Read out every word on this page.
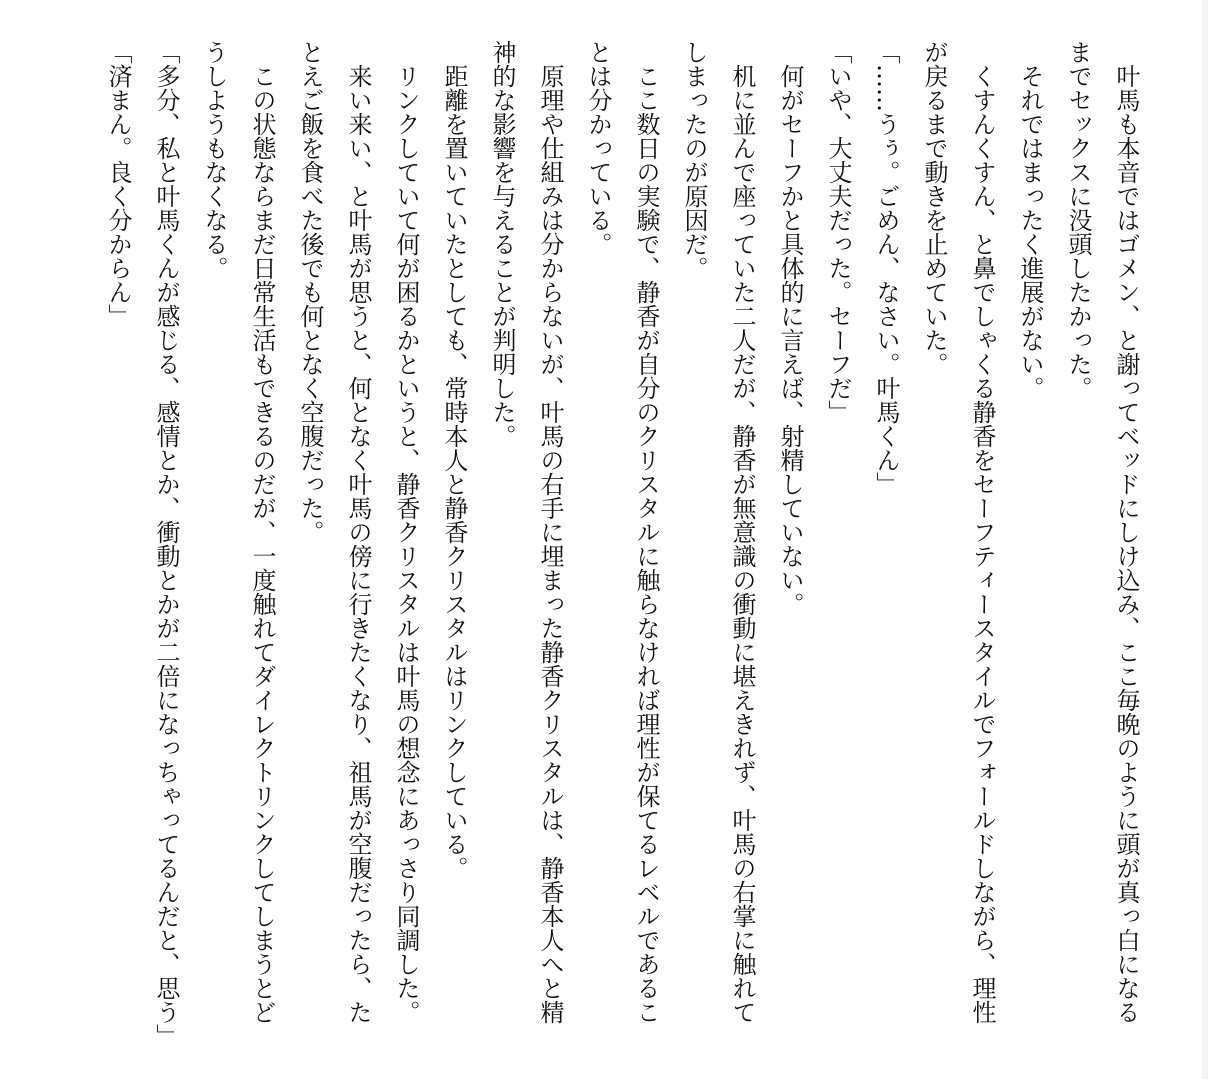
　叶馬も本音ではゴメン、と謝ってベッドにしけ込み、ここ毎晩のように頭が真っ白になるまでセックスに没頭したかった。

　それではまったく進展がない。

　くすんくすん、と鼻でしゃくる静香をセーフティースタイルでフォールドしながら、理性が戻るまで動きを止めていた。

「……うぅ。ごめん、なさい。叶馬くん」

「いや、大丈夫だった。セーフだ」

　何がセーフかと具体的に言えば、射精していない。

　机に並んで座っていた二人だが、静香が無意識の衝動に堪えきれず、叶馬の右掌に触れてしまったのが原因だ。

　ここ数日の実験で、静香が自分のクリスタルに触らなければ理性が保てるレベルであることは分かっている。

　原理や仕組みは分からないが、叶馬の右手に埋まった静香クリスタルは、静香本人へと精神的な影響を与えることが判明した。

　距離を置いていたとしても、常時本人と静香クリスタルはリンクしている。

　リンクしていて何が困るかというと、静香クリスタルは叶馬の想念にあっさり同調した。

　来い来い、と叶馬が思うと、何となく叶馬の傍に行きたくなり、祖馬が空腹だったら、たとえご飯を食べた後でも何となく空腹だった。

　この状態ならまだ日常生活もできるのだが、一度触れてダイレクトリンクしてしまうとどうしようもなくなる。

「多分、私と叶馬くんが感じる、感情とか、衝動とかが二倍になっちゃってるんだと、思う」

「済まん。良く分からん」
